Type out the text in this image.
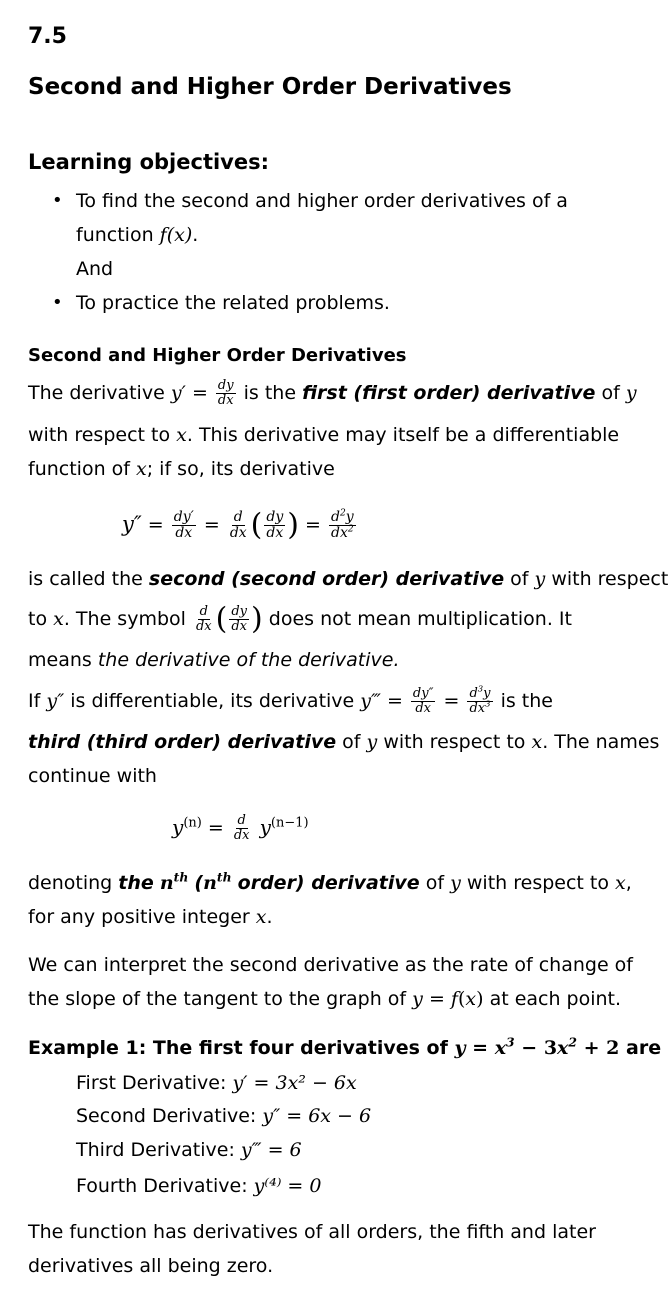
7.5
Second and Higher Order Derivatives
Learning objectives:
• To find the second and higher order derivatives of a
function f(x).
And
• To practice the related problems.
Second and Higher Order Derivatives
The derivative $y' = \frac{dy}{dx}$ is the first (first order) derivative of y
with respect to x. This derivative may itself be a differentiable
function of x; if so, its derivative
$y'' = \frac{dy'}{dx} = \frac{d}{dx}$ ( $\frac{dy}{dx}$ ) = $\frac{d^2y}{dx^2}$
is called the second (second order) derivative of y with respect
to x. The symbol $\frac{d}{dx}$ ( $\frac{dy}{dx}$ ) does not mean multiplication. It
means the derivative of the derivative.
If y″ is differentiable, its derivative y‴ = $\frac{dy''}{dx} = \frac{d^3y}{dx^3}$ is the
third (third order) derivative of y with respect to x. The names
continue with
$y^{(n)} = \frac{d}{dx} y^{(n-1)}$
denoting the $n^{th}$ ($n^{th}$ order) derivative of y with respect to x,
for any positive integer x.
We can interpret the second derivative as the rate of change of
the slope of the tangent to the graph of y = f(x) at each point.
Example 1: The first four derivatives of $y = x^3 - 3x^2 + 2$ are
First Derivative: y′ = 3x² − 6x
Second Derivative: y″ = 6x − 6
Third Derivative: y‴ = 6
Fourth Derivative: y⁽⁴⁾ = 0
The function has derivatives of all orders, the fifth and later
derivatives all being zero.
